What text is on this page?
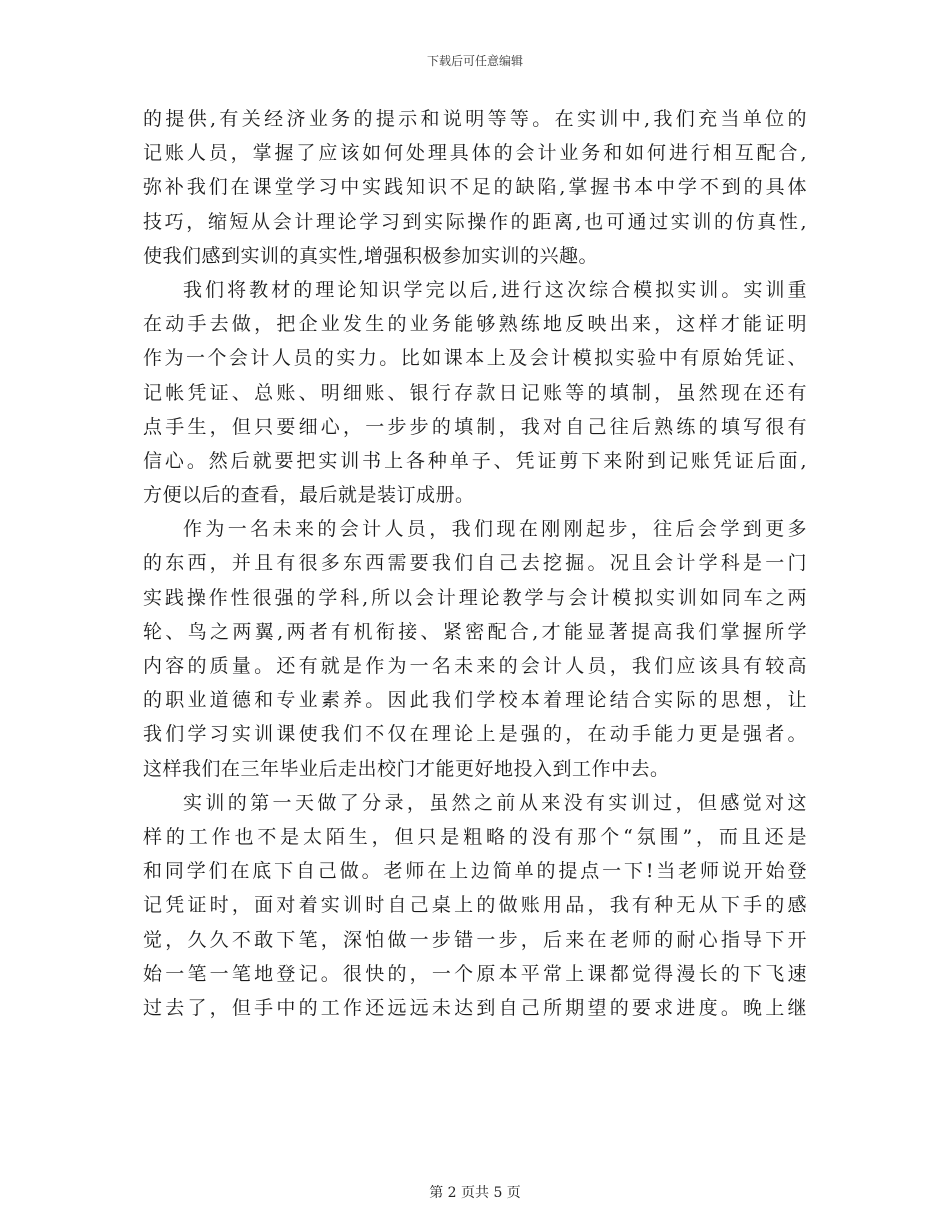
下载后可任意编辑
的提供,有关经济业务的提示和说明等等。在实训中,我们充当单位的
记账人员，掌握了应该如何处理具体的会计业务和如何进行相互配合,
弥补我们在课堂学习中实践知识不足的缺陷,掌握书本中学不到的具体
技巧，缩短从会计理论学习到实际操作的距离,也可通过实训的仿真性,
使我们感到实训的真实性,增强积极参加实训的兴趣。
我们将教材的理论知识学完以后,进行这次综合模拟实训。实训重
在动手去做，把企业发生的业务能够熟练地反映出来，这样才能证明
作为一个会计人员的实力。比如课本上及会计模拟实验中有原始凭证、
记帐凭证、总账、明细账、银行存款日记账等的填制，虽然现在还有
点手生，但只要细心，一步步的填制，我对自己往后熟练的填写很有
信心。然后就要把实训书上各种单子、凭证剪下来附到记账凭证后面,
方便以后的查看，最后就是装订成册。
作为一名未来的会计人员，我们现在刚刚起步，往后会学到更多
的东西，并且有很多东西需要我们自己去挖掘。况且会计学科是一门
实践操作性很强的学科,所以会计理论教学与会计模拟实训如同车之两
轮、鸟之两翼,两者有机衔接、紧密配合,才能显著提高我们掌握所学
内容的质量。还有就是作为一名未来的会计人员，我们应该具有较高
的职业道德和专业素养。因此我们学校本着理论结合实际的思想，让
我们学习实训课使我们不仅在理论上是强的，在动手能力更是强者。
这样我们在三年毕业后走出校门才能更好地投入到工作中去。
实训的第一天做了分录，虽然之前从来没有实训过，但感觉对这
样的工作也不是太陌生，但只是粗略的没有那个“氛围”，而且还是
和同学们在底下自己做。老师在上边简单的提点一下!当老师说开始登
记凭证时，面对着实训时自己桌上的做账用品，我有种无从下手的感
觉，久久不敢下笔，深怕做一步错一步，后来在老师的耐心指导下开
始一笔一笔地登记。很快的，一个原本平常上课都觉得漫长的下飞速
过去了，但手中的工作还远远未达到自己所期望的要求进度。晚上继
第 2 页共 5 页
